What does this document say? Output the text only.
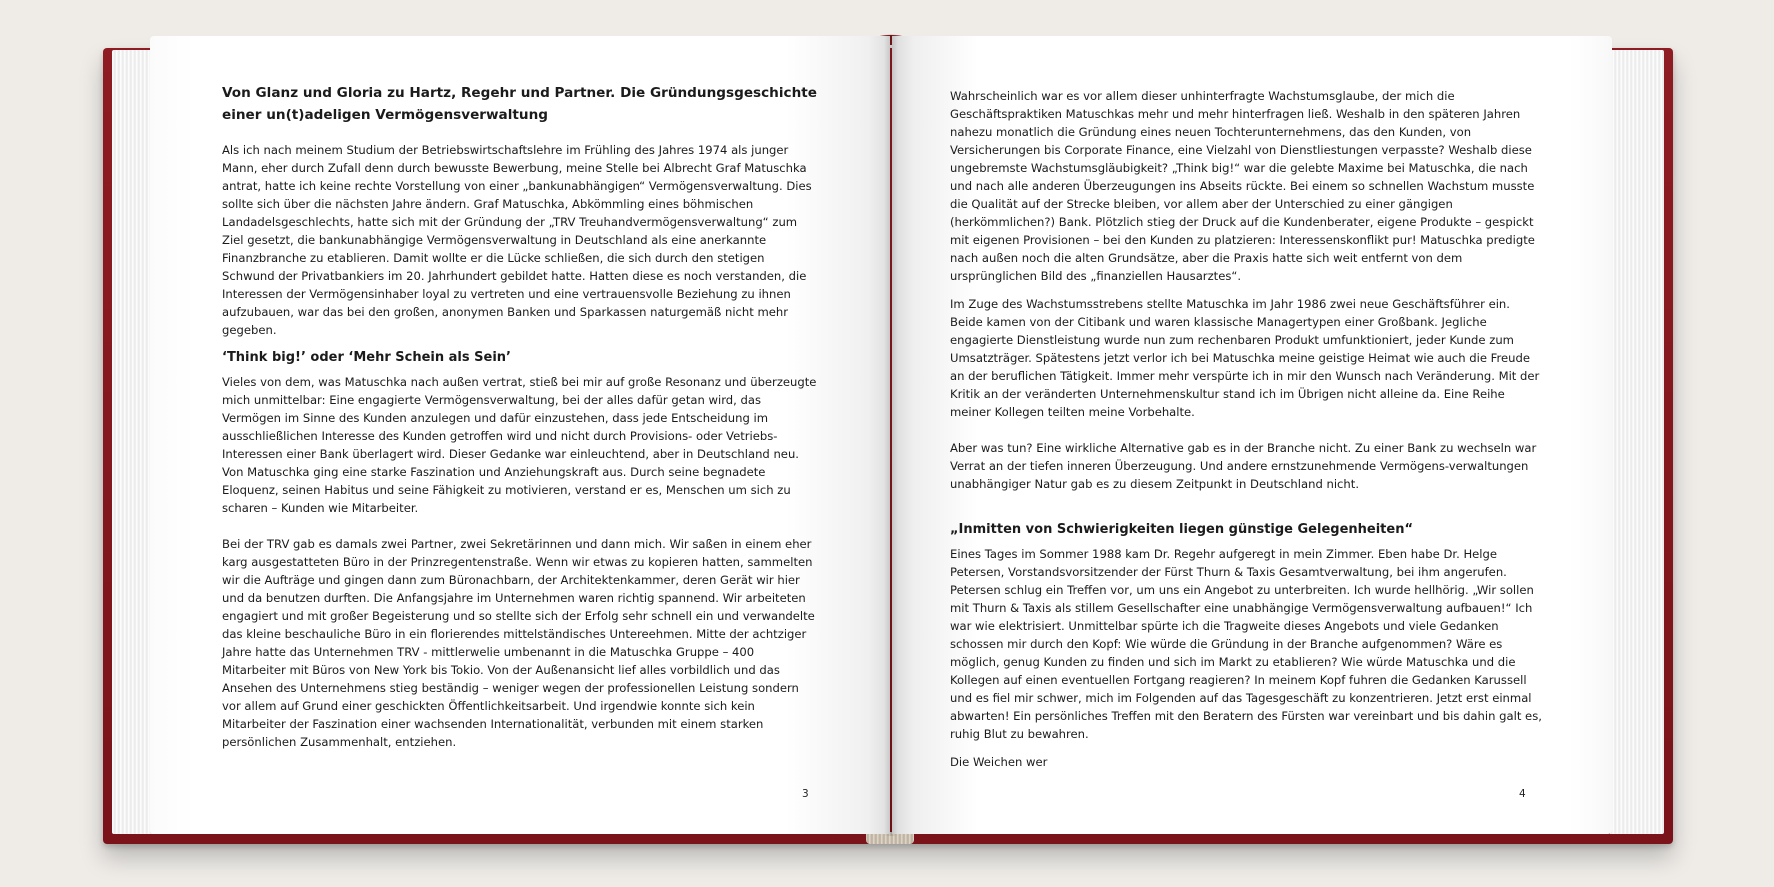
Von Glanz und Gloria zu Hartz, Regehr und Partner. Die Gründungsgeschichte einer un(t)adeligen Vermögensverwaltung

Als ich nach meinem Studium der Betriebswirtschaftslehre im Frühling des Jahres 1974 als junger Mann, eher durch Zufall denn durch bewusste Bewerbung, meine Stelle bei Albrecht Graf Matuschka antrat, hatte ich keine rechte Vorstellung von einer „bankunabhängigen“ Vermögensverwaltung. Dies sollte sich über die nächsten Jahre ändern. Graf Matuschka, Abkömmling eines böhmischen Landadelsgeschlechts, hatte sich mit der Gründung der „TRV Treuhandvermögensverwaltung“ zum Ziel gesetzt, die bankunabhängige Vermögensverwaltung in Deutschland als eine anerkannte Finanzbranche zu etablieren. Damit wollte er die Lücke schließen, die sich durch den stetigen Schwund der Privatbankiers im 20. Jahrhundert gebildet hatte. Hatten diese es noch verstanden, die Interessen der Vermögensinhaber loyal zu vertreten und eine vertrauensvolle Beziehung zu ihnen aufzubauen, war das bei den großen, anonymen Banken und Sparkassen naturgemäß nicht mehr gegeben.

‘Think big!’ oder ‘Mehr Schein als Sein’

Vieles von dem, was Matuschka nach außen vertrat, stieß bei mir auf große Resonanz und überzeugte mich unmittelbar: Eine engagierte Vermögensverwaltung, bei der alles dafür getan wird, das Vermögen im Sinne des Kunden anzulegen und dafür einzustehen, dass jede Entscheidung im ausschließlichen Interesse des Kunden getroffen wird und nicht durch Provisions- oder Vetriebs-Interessen einer Bank überlagert wird. Dieser Gedanke war einleuchtend, aber in Deutschland neu. Von Matuschka ging eine starke Faszination und Anziehungskraft aus. Durch seine begnadete Eloquenz, seinen Habitus und seine Fähigkeit zu motivieren, verstand er es, Menschen um sich zu scharen – Kunden wie Mitarbeiter.

Bei der TRV gab es damals zwei Partner, zwei Sekretärinnen und dann mich. Wir saßen in einem eher karg ausgestatteten Büro in der Prinzregentenstraße. Wenn wir etwas zu kopieren hatten, sammelten wir die Aufträge und gingen dann zum Büronachbarn, der Architektenkammer, deren Gerät wir hier und da benutzen durften. Die Anfangsjahre im Unternehmen waren richtig spannend. Wir arbeiteten engagiert und mit großer Begeisterung und so stellte sich der Erfolg sehr schnell ein und verwandelte das kleine beschauliche Büro in ein florierendes mittelständisches Untereehmen. Mitte der achtziger Jahre hatte das Unternehmen TRV - mittlerwelie umbenannt in die Matuschka Gruppe – 400 Mitarbeiter mit Büros von New York bis Tokio. Von der Außenansicht lief alles vorbildlich und das Ansehen des Unternehmens stieg beständig – weniger wegen der professionellen Leistung sondern vor allem auf Grund einer geschickten Öffentlichkeitsarbeit. Und irgendwie konnte sich kein Mitarbeiter der Faszination einer wachsenden Internationalität, verbunden mit einem starken persönlichen Zusammenhalt, entziehen.

3

Wahrscheinlich war es vor allem dieser unhinterfragte Wachstumsglaube, der mich die Geschäftspraktiken Matuschkas mehr und mehr hinterfragen ließ. Weshalb in den späteren Jahren nahezu monatlich die Gründung eines neuen Tochterunternehmens, das den Kunden, von Versicherungen bis Corporate Finance, eine Vielzahl von Dienstliestungen verpasste? Weshalb diese ungebremste Wachstumsgläubigkeit? „Think big!“ war die gelebte Maxime bei Matuschka, die nach und nach alle anderen Überzeugungen ins Abseits rückte. Bei einem so schnellen Wachstum musste die Qualität auf der Strecke bleiben, vor allem aber der Unterschied zu einer gängigen (herkömmlichen?) Bank. Plötzlich stieg der Druck auf die Kundenberater, eigene Produkte – gespickt mit eigenen Provisionen – bei den Kunden zu platzieren: Interessenskonflikt pur! Matuschka predigte nach außen noch die alten Grundsätze, aber die Praxis hatte sich weit entfernt von dem ursprünglichen Bild des „finanziellen Hausarztes“.

Im Zuge des Wachstumsstrebens stellte Matuschka im Jahr 1986 zwei neue Geschäftsführer ein. Beide kamen von der Citibank und waren klassische Managertypen einer Großbank. Jegliche engagierte Dienstleistung wurde nun zum rechenbaren Produkt umfunktioniert, jeder Kunde zum Umsatzträger. Spätestens jetzt verlor ich bei Matuschka meine geistige Heimat wie auch die Freude an der beruflichen Tätigkeit. Immer mehr verspürte ich in mir den Wunsch nach Veränderung. Mit der Kritik an der veränderten Unternehmenskultur stand ich im Übrigen nicht alleine da. Eine Reihe meiner Kollegen teilten meine Vorbehalte.

Aber was tun? Eine wirkliche Alternative gab es in der Branche nicht. Zu einer Bank zu wechseln war Verrat an der tiefen inneren Überzeugung. Und andere ernstzunehmende Vermögens-verwaltungen unabhängiger Natur gab es zu diesem Zeitpunkt in Deutschland nicht.

„Inmitten von Schwierigkeiten liegen günstige Gelegenheiten“

Eines Tages im Sommer 1988 kam Dr. Regehr aufgeregt in mein Zimmer. Eben habe Dr. Helge Petersen, Vorstandsvorsitzender der Fürst Thurn & Taxis Gesamtverwaltung, bei ihm angerufen. Petersen schlug ein Treffen vor, um uns ein Angebot zu unterbreiten. Ich wurde hellhörig. „Wir sollen mit Thurn & Taxis als stillem Gesellschafter eine unabhängige Vermögensverwaltung aufbauen!“ Ich war wie elektrisiert. Unmittelbar spürte ich die Tragweite dieses Angebots und viele Gedanken schossen mir durch den Kopf: Wie würde die Gründung in der Branche aufgenommen? Wäre es möglich, genug Kunden zu finden und sich im Markt zu etablieren? Wie würde Matuschka und die Kollegen auf einen eventuellen Fortgang reagieren? In meinem Kopf fuhren die Gedanken Karussell und es fiel mir schwer, mich im Folgenden auf das Tagesgeschäft zu konzentrieren. Jetzt erst einmal abwarten! Ein persönliches Treffen mit den Beratern des Fürsten war vereinbart und bis dahin galt es, ruhig Blut zu bewahren.

Die Weichen wer

4
